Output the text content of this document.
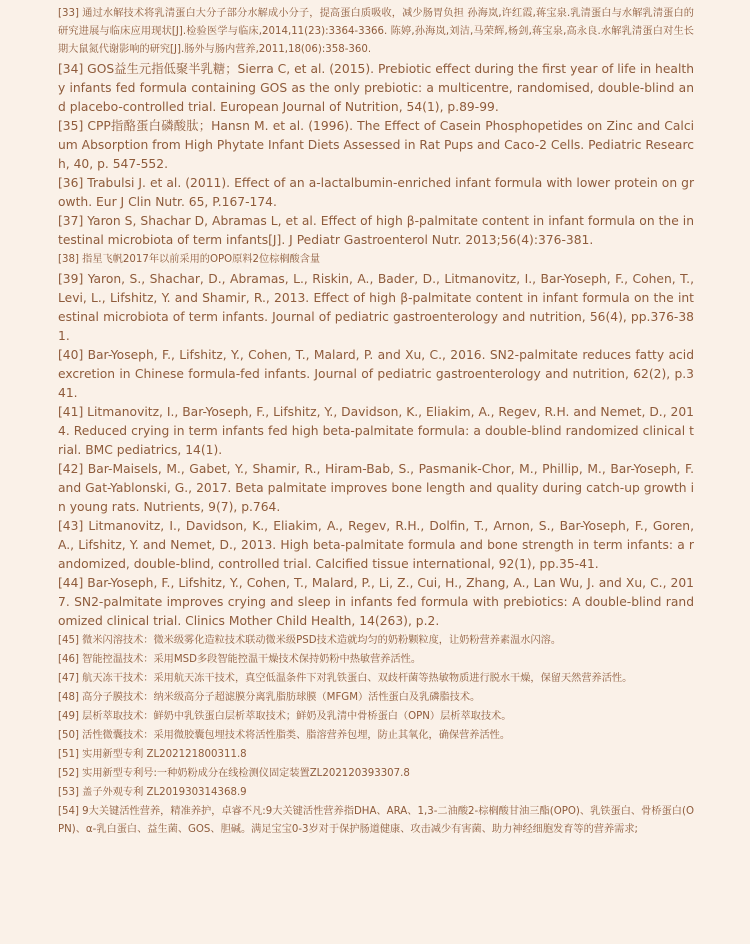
[33] 通过水解技术将乳清蛋白大分子部分水解成小分子，提高蛋白质吸收，减少肠胃负担 孙海岚,许红霞,蒋宝泉.乳清蛋白与水解乳清蛋白的研究进展与临床应用现状[J].检验医学与临床,2014,11(23):3364-3366. 陈婷,孙海岚,刘洁,马荣辉,杨剑,蒋宝泉,高永良.水解乳清蛋白对生长期大鼠氮代谢影响的研究[J].肠外与肠内营养,2011,18(06):358-360.

[34] GOS益生元指低聚半乳糖；Sierra C, et al. (2015). Prebiotic effect during the first year of life in healthy infants fed formula containing GOS as the only prebiotic: a multicentre, randomised, double-blind and placebo-controlled trial. European Journal of Nutrition, 54(1), p.89-99.

[35] CPP指酪蛋白磷酸肽；Hansn M. et al. (1996). The Effect of Casein Phosphopetides on Zinc and Calcium Absorption from High Phytate Infant Diets Assessed in Rat Pups and Caco-2 Cells. Pediatric Research, 40, p. 547-552.

[36] Trabulsi J. et al. (2011). Effect of an a-lactalbumin-enriched infant formula with lower protein on growth. Eur J Clin Nutr. 65, P.167-174.

[37] Yaron S, Shachar D, Abramas L, et al. Effect of high β-palmitate content in infant formula on the intestinal microbiota of term infants[J]. J Pediatr Gastroenterol Nutr. 2013;56(4):376-381.

[38] 指星飞帆2017年以前采用的OPO原料2位棕榈酸含量

[39] Yaron, S., Shachar, D., Abramas, L., Riskin, A., Bader, D., Litmanovitz, I., Bar-Yoseph, F., Cohen, T., Levi, L., Lifshitz, Y. and Shamir, R., 2013. Effect of high β-palmitate content in infant formula on the intestinal microbiota of term infants. Journal of pediatric gastroenterology and nutrition, 56(4), pp.376-381.

[40] Bar-Yoseph, F., Lifshitz, Y., Cohen, T., Malard, P. and Xu, C., 2016. SN2-palmitate reduces fatty acid excretion in Chinese formula-fed infants. Journal of pediatric gastroenterology and nutrition, 62(2), p.341.

[41] Litmanovitz, I., Bar-Yoseph, F., Lifshitz, Y., Davidson, K., Eliakim, A., Regev, R.H. and Nemet, D., 2014. Reduced crying in term infants fed high beta-palmitate formula: a double-blind randomized clinical trial. BMC pediatrics, 14(1).

[42] Bar-Maisels, M., Gabet, Y., Shamir, R., Hiram-Bab, S., Pasmanik-Chor, M., Phillip, M., Bar-Yoseph, F. and Gat-Yablonski, G., 2017. Beta palmitate improves bone length and quality during catch-up growth in young rats. Nutrients, 9(7), p.764.

[43] Litmanovitz, I., Davidson, K., Eliakim, A., Regev, R.H., Dolfin, T., Arnon, S., Bar-Yoseph, F., Goren, A., Lifshitz, Y. and Nemet, D., 2013. High beta-palmitate formula and bone strength in term infants: a randomized, double-blind, controlled trial. Calcified tissue international, 92(1), pp.35-41.

[44] Bar-Yoseph, F., Lifshitz, Y., Cohen, T., Malard, P., Li, Z., Cui, H., Zhang, A., Lan Wu, J. and Xu, C., 2017. SN2-palmitate improves crying and sleep in infants fed formula with prebiotics: A double-blind randomized clinical trial. Clinics Mother Child Health, 14(263), p.2.

[45] 微米闪溶技术：微米级雾化造粒技术联动微米级PSD技术造就均匀的奶粉颗粒度，让奶粉营养素温水闪溶。

[46] 智能控温技术：采用MSD多段智能控温干燥技术保持奶粉中热敏营养活性。

[47] 航天冻干技术：采用航天冻干技术，真空低温条件下对乳铁蛋白、双歧杆菌等热敏物质进行脱水干燥，保留天然营养活性。

[48] 高分子膜技术：纳米级高分子超滤膜分离乳脂肪球膜（MFGM）活性蛋白及乳磷脂技术。

[49] 层析萃取技术：鲜奶中乳铁蛋白层析萃取技术；鲜奶及乳清中骨桥蛋白（OPN）层析萃取技术。

[50] 活性微囊技术：采用微胶囊包埋技术将活性脂类、脂溶营养包埋，防止其氧化，确保营养活性。

[51] 实用新型专利 ZL202121800311.8

[52] 实用新型专利号:一种奶粉成分在线检测仪固定装置ZL202120393307.8

[53] 盖子外观专利 ZL201930314368.9

[54] 9大关键活性营养，精准养护，卓睿不凡:9大关键活性营养指DHA、ARA、1,3-二油酸2-棕榈酸甘油三酯(OPO)、乳铁蛋白、骨桥蛋白(OPN)、α-乳白蛋白、益生菌、GOS、胆碱。满足宝宝0-3岁对于保护肠道健康、攻击减少有害菌、助力神经细胞发育等的营养需求;
